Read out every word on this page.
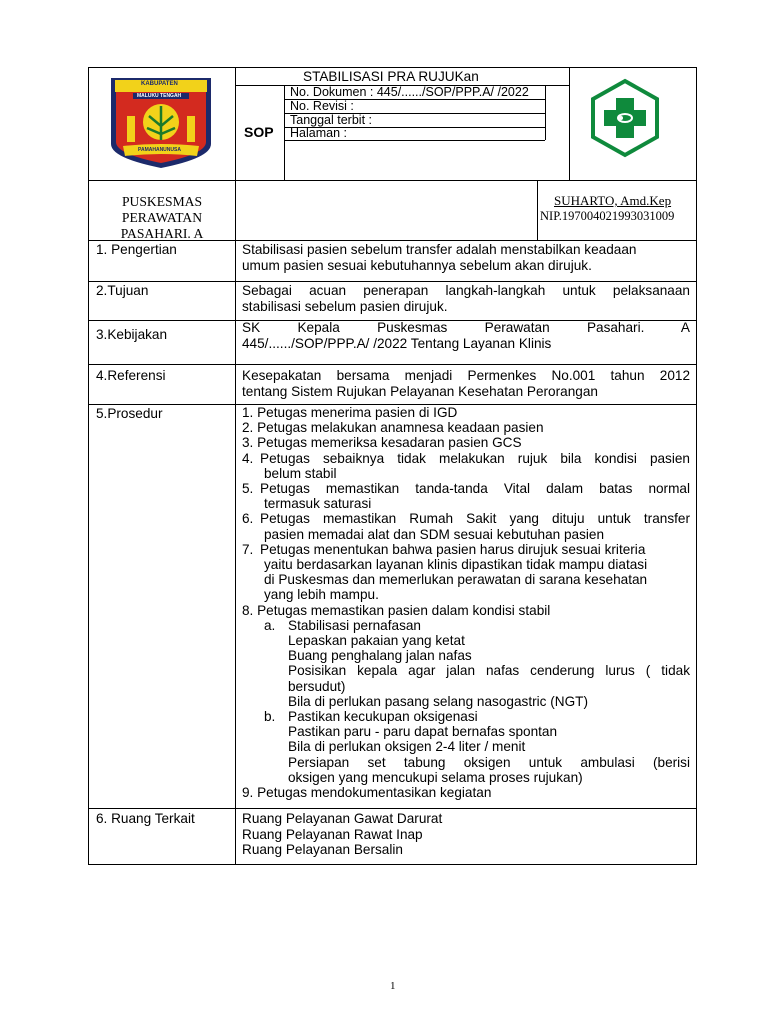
KABUPATEN
MALUKU TENGAH
PAMAHANUNUSA
STABILISASI PRA RUJUKan
SOP
No. Dokumen : 445/....../SOP/PPP.A/ /2022
No. Revisi :
Tanggal terbit :
Halaman :
PUSKESMAS
PERAWATAN
PASAHARI. A
SUHARTO, Amd.Kep
NIP.197004021993031009
1. Pengertian	Stabilisasi pasien sebelum transfer adalah menstabilkan keadaan
umum pasien sesuai kebutuhannya sebelum akan dirujuk.
2.Tujuan	Sebagai acuan penerapan langkah-langkah untuk pelaksanaan
stabilisasi sebelum pasien dirujuk.
3.Kebijakan	SK Kepala Puskesmas Perawatan Pasahari. A
445/....../SOP/PPP.A/ /2022 Tentang Layanan Klinis
4.Referensi	Kesepakatan bersama menjadi Permenkes No.001 tahun 2012
tentang Sistem Rujukan Pelayanan Kesehatan Perorangan
5.Prosedur	1. Petugas menerima pasien di IGD
2. Petugas melakukan anamnesa keadaan pasien
3. Petugas memeriksa kesadaran pasien GCS
4. Petugas sebaiknya tidak melakukan rujuk bila kondisi pasien
belum stabil
5. Petugas memastikan tanda-tanda Vital dalam batas normal
termasuk saturasi
6. Petugas memastikan Rumah Sakit yang dituju untuk transfer
pasien memadai alat dan SDM sesuai kebutuhan pasien
7. Petugas menentukan bahwa pasien harus dirujuk sesuai kriteria
yaitu berdasarkan layanan klinis dipastikan tidak mampu diatasi
di Puskesmas dan memerlukan perawatan di sarana kesehatan
yang lebih mampu.
8. Petugas memastikan pasien dalam kondisi stabil
a. Stabilisasi pernafasan
Lepaskan pakaian yang ketat
Buang penghalang jalan nafas
Posisikan kepala agar jalan nafas cenderung lurus ( tidak
bersudut)
Bila di perlukan pasang selang nasogastric (NGT)
b. Pastikan kecukupan oksigenasi
Pastikan paru - paru dapat bernafas spontan
Bila di perlukan oksigen 2-4 liter / menit
Persiapan set tabung oksigen untuk ambulasi (berisi
oksigen yang mencukupi selama proses rujukan)
9. Petugas mendokumentasikan kegiatan
6. Ruang Terkait	Ruang Pelayanan Gawat Darurat
Ruang Pelayanan Rawat Inap
Ruang Pelayanan Bersalin
1
